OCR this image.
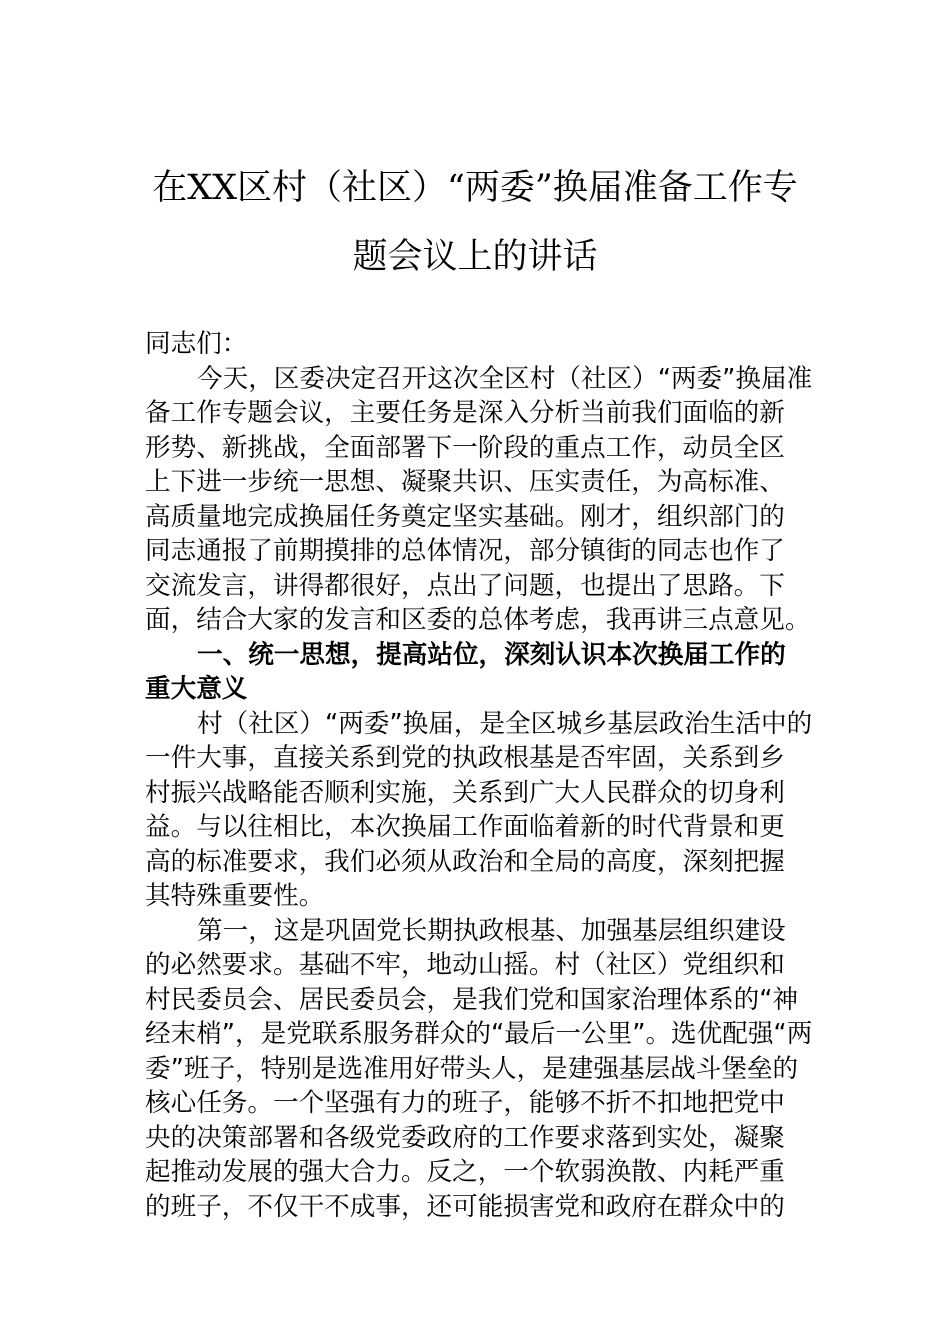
在XX区村（社区）“两委”换届准备工作专
题会议上的讲话
同志们：
今天，区委决定召开这次全区村（社区）“两委”换届准
备工作专题会议，主要任务是深入分析当前我们面临的新
形势、新挑战，全面部署下一阶段的重点工作，动员全区
上下进一步统一思想、凝聚共识、压实责任，为高标准、
高质量地完成换届任务奠定坚实基础。刚才，组织部门的
同志通报了前期摸排的总体情况，部分镇街的同志也作了
交流发言，讲得都很好，点出了问题，也提出了思路。下
面，结合大家的发言和区委的总体考虑，我再讲三点意见。
一、统一思想，提高站位，深刻认识本次换届工作的
重大意义
村（社区）“两委”换届，是全区城乡基层政治生活中的
一件大事，直接关系到党的执政根基是否牢固，关系到乡
村振兴战略能否顺利实施，关系到广大人民群众的切身利
益。与以往相比，本次换届工作面临着新的时代背景和更
高的标准要求，我们必须从政治和全局的高度，深刻把握
其特殊重要性。
第一，这是巩固党长期执政根基、加强基层组织建设
的必然要求。基础不牢，地动山摇。村（社区）党组织和
村民委员会、居民委员会，是我们党和国家治理体系的“神
经末梢”，是党联系服务群众的“最后一公里”。选优配强“两
委”班子，特别是选准用好带头人，是建强基层战斗堡垒的
核心任务。一个坚强有力的班子，能够不折不扣地把党中
央的决策部署和各级党委政府的工作要求落到实处，凝聚
起推动发展的强大合力。反之，一个软弱涣散、内耗严重
的班子，不仅干不成事，还可能损害党和政府在群众中的
